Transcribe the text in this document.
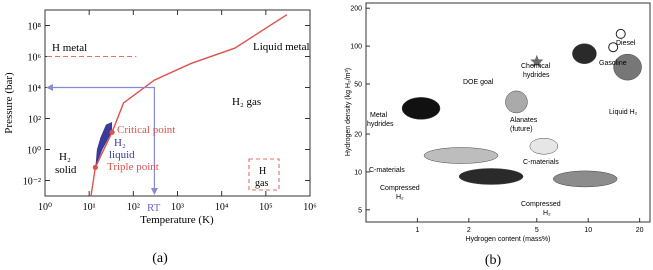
10⁰	10¹	10²	10³	10⁴	10⁵	10⁶
10⁻²
10⁰
10²
10⁴
10⁶
10⁸
Pressure (bar)
Temperature (K)
H metal	Liquid metal
H₂ gas
H₂
solid
H₂
liquid
Critical point
Triple point
RT
H
gas
(a)
1	2	5	10	20
5
10
20
50
100
200
Hydrogen density (kg H₂/m³)
Hydrogen content (mass%)
Diesel
Gasoline
DOE goal
Chemical
hydrides
Liquid H₂
Metal
hydrides
Alanates
(future)
C-materials
C-materials
Compressed
H₂
Compressed
H₂
(b)
